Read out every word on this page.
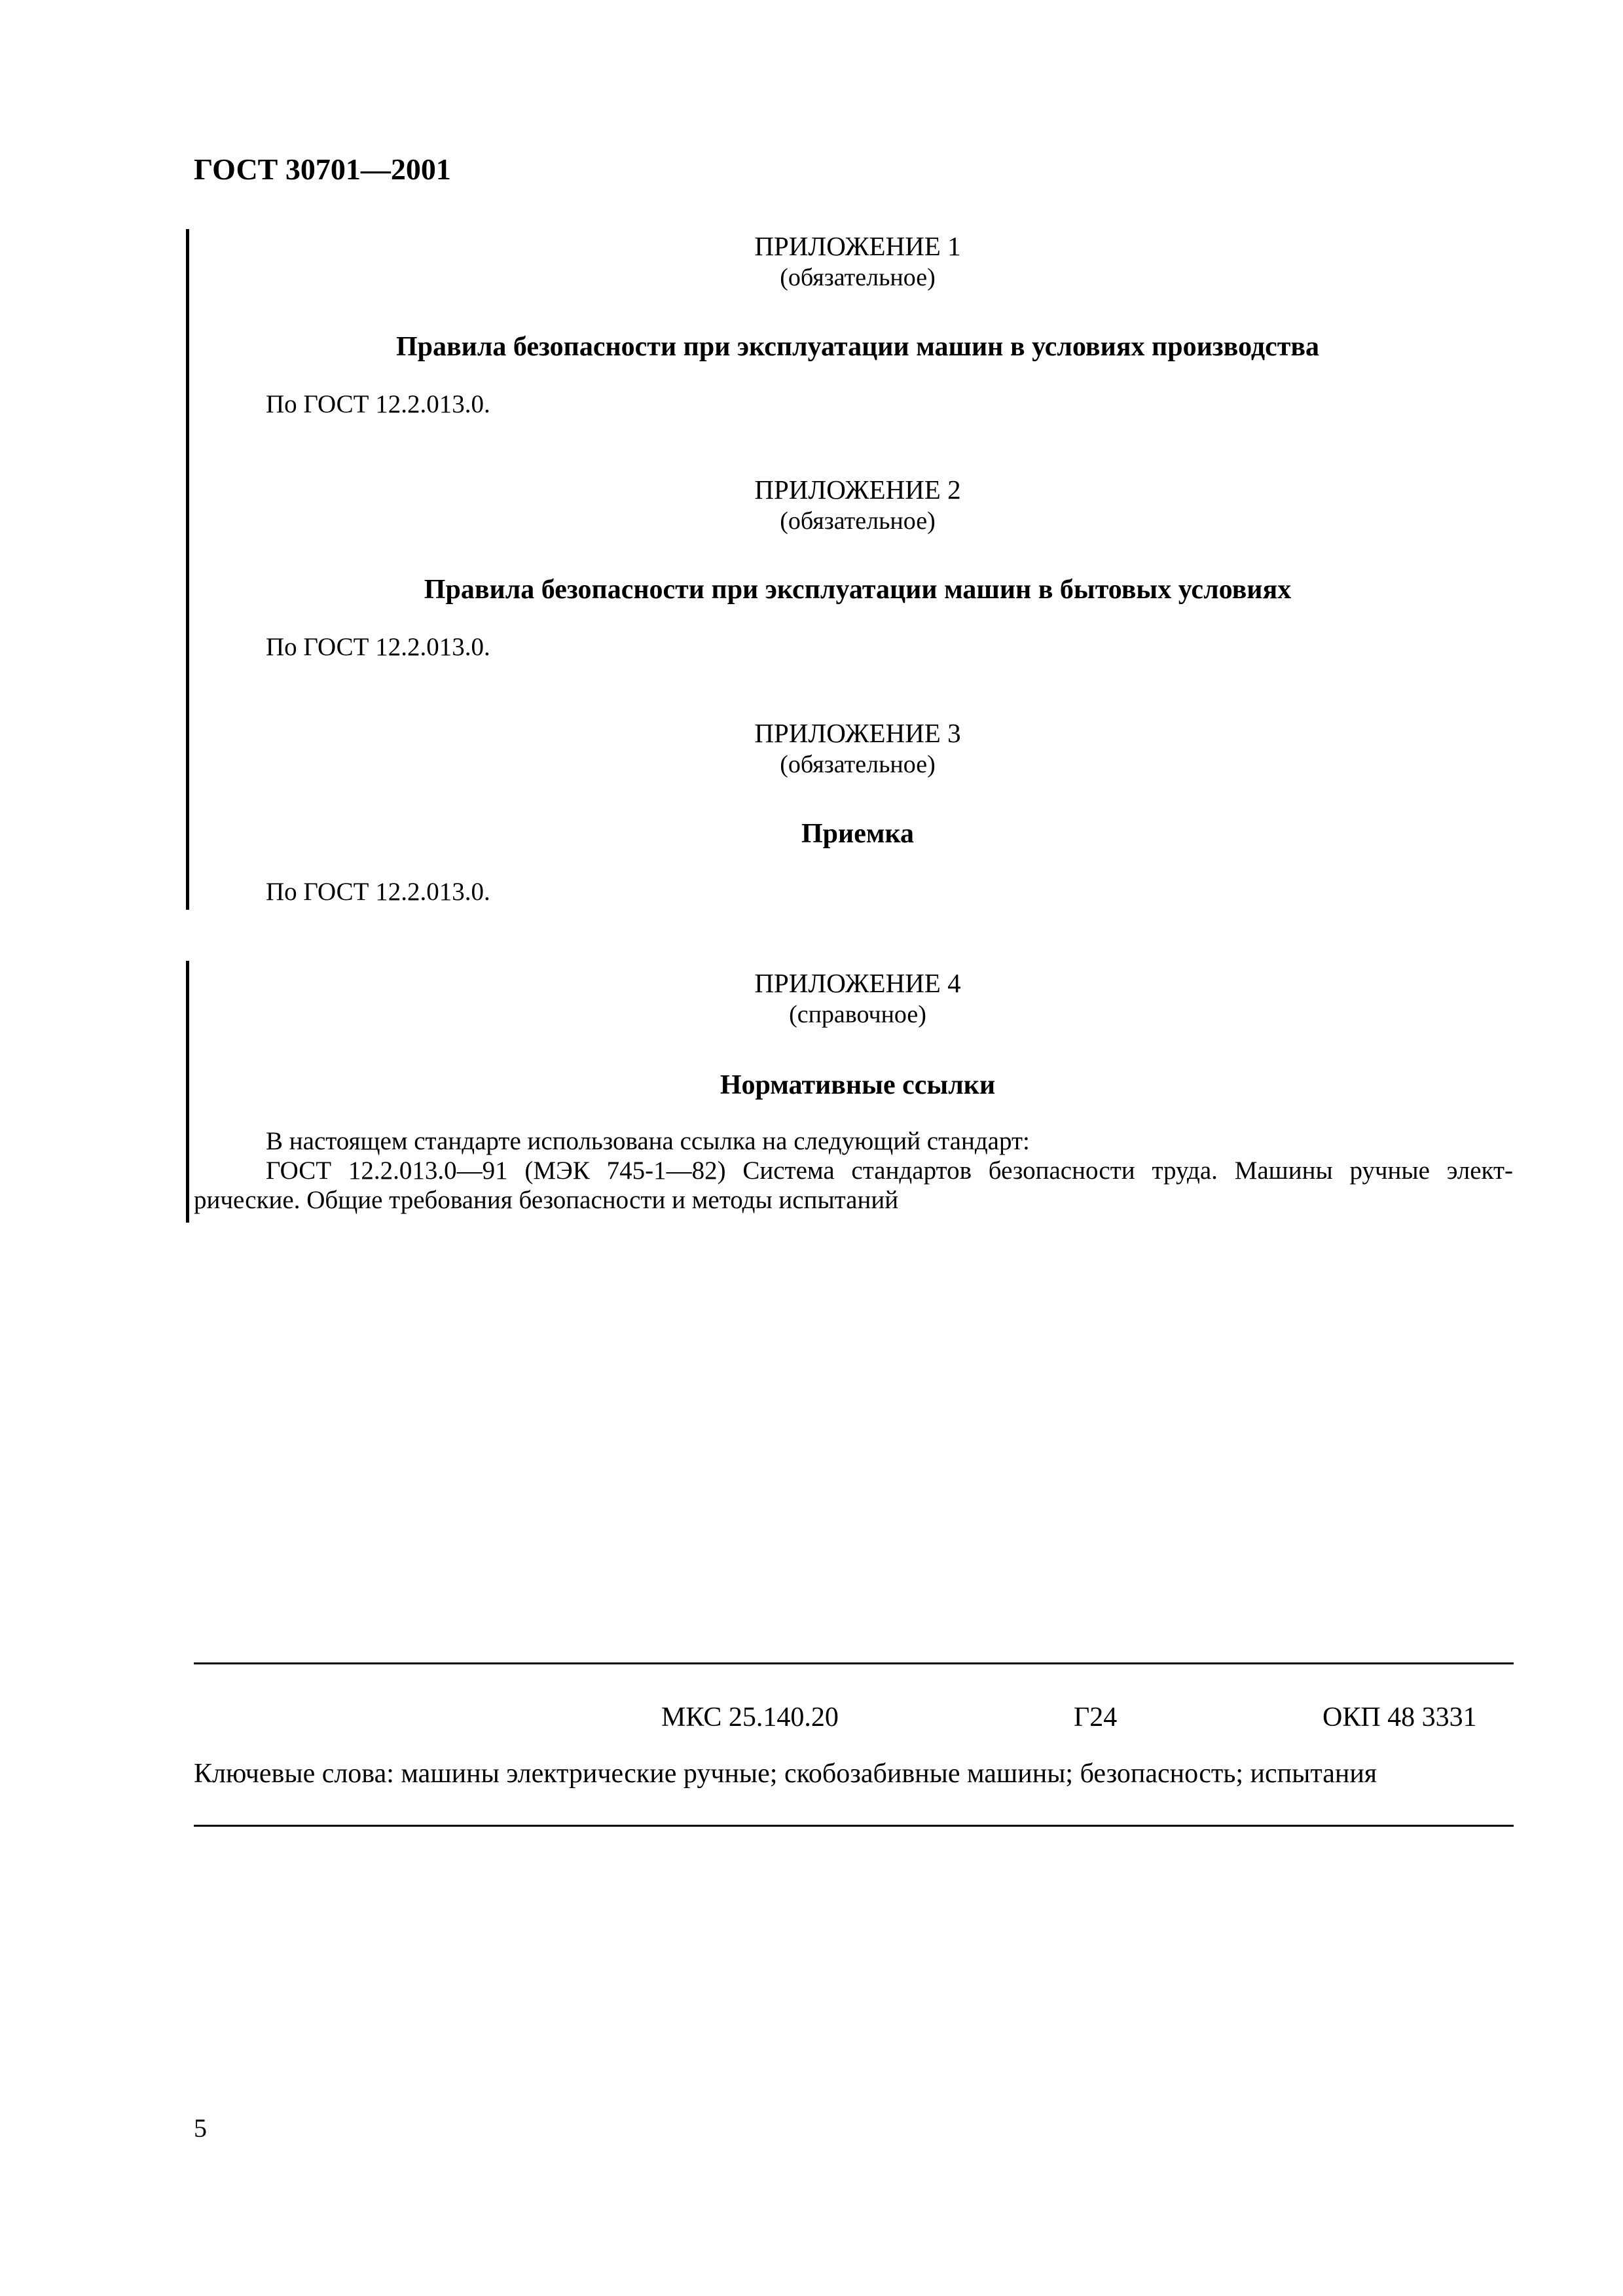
ГОСТ 30701—2001
ПРИЛОЖЕНИЕ 1
(обязательное)
Правила безопасности при эксплуатации машин в условиях производства
По ГОСТ 12.2.013.0.
ПРИЛОЖЕНИЕ 2
(обязательное)
Правила безопасности при эксплуатации машин в бытовых условиях
По ГОСТ 12.2.013.0.
ПРИЛОЖЕНИЕ 3
(обязательное)
Приемка
По ГОСТ 12.2.013.0.
ПРИЛОЖЕНИЕ 4
(справочное)
Нормативные ссылки
В настоящем стандарте использована ссылка на следующий стандарт:
ГОСТ 12.2.013.0—91 (МЭК 745-1—82) Система стандартов безопасности труда. Машины ручные элект-
рические. Общие требования безопасности и методы испытаний
МКС 25.140.20	Г24	ОКП 48 3331
Ключевые слова: машины электрические ручные; скобозабивные машины; безопасность; испытания
5
